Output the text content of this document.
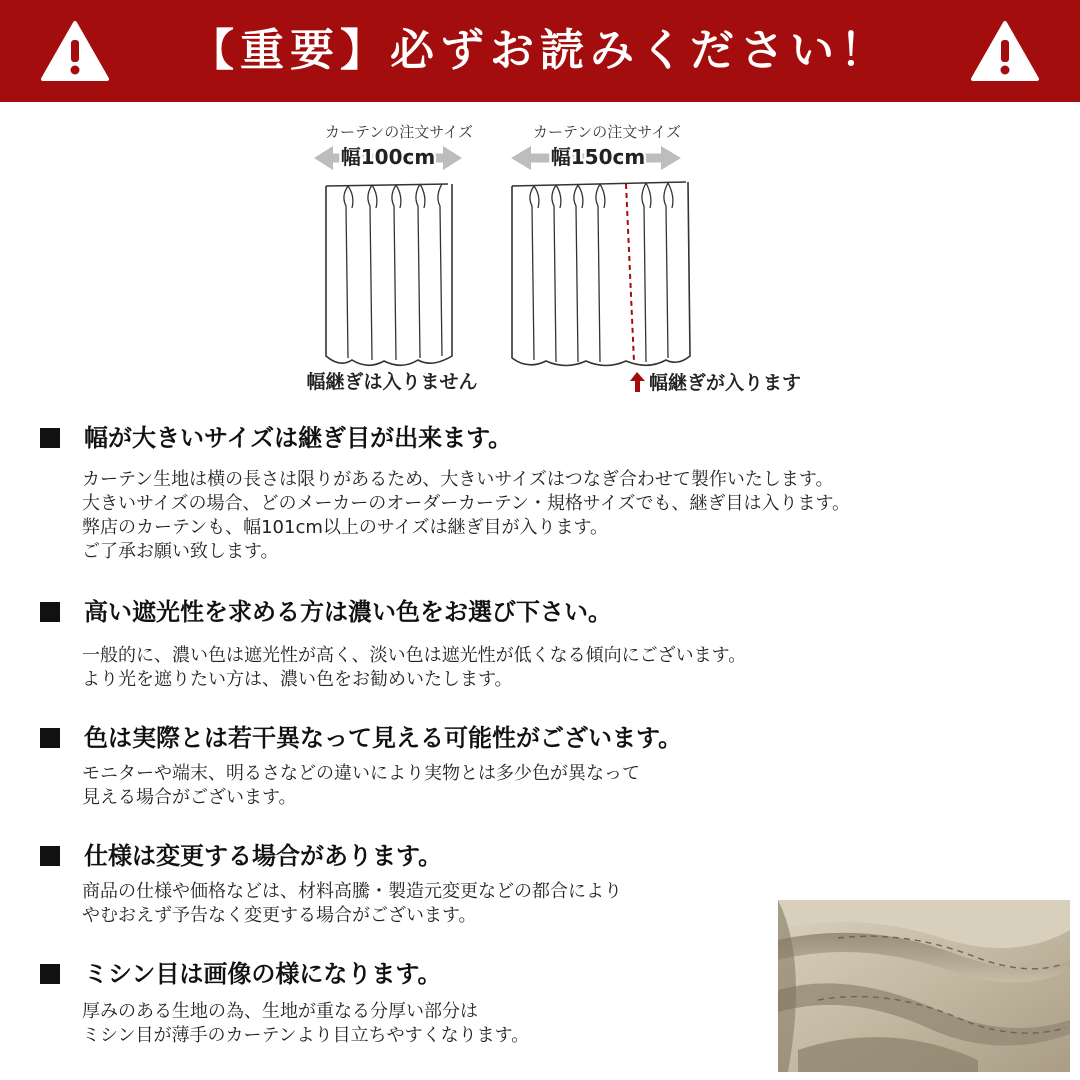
【重要】必ずお読みください！
カーテンの注文サイズ
幅100cm
幅継ぎは入りません
カーテンの注文サイズ
幅150cm
幅継ぎが入ります
幅が大きいサイズは継ぎ目が出来ます。
カーテン生地は横の長さは限りがあるため、大きいサイズはつなぎ合わせて製作いたします。
大きいサイズの場合、どのメーカーのオーダーカーテン・規格サイズでも、継ぎ目は入ります。
弊店のカーテンも、幅101cm以上のサイズは継ぎ目が入ります。
ご了承お願い致します。
高い遮光性を求める方は濃い色をお選び下さい。
一般的に、濃い色は遮光性が高く、淡い色は遮光性が低くなる傾向にございます。
より光を遮りたい方は、濃い色をお勧めいたします。
色は実際とは若干異なって見える可能性がございます。
モニターや端末、明るさなどの違いにより実物とは多少色が異なって
見える場合がございます。
仕様は変更する場合があります。
商品の仕様や価格などは、材料高騰・製造元変更などの都合により
やむおえず予告なく変更する場合がございます。
ミシン目は画像の様になります。
厚みのある生地の為、生地が重なる分厚い部分は
ミシン目が薄手のカーテンより目立ちやすくなります。
